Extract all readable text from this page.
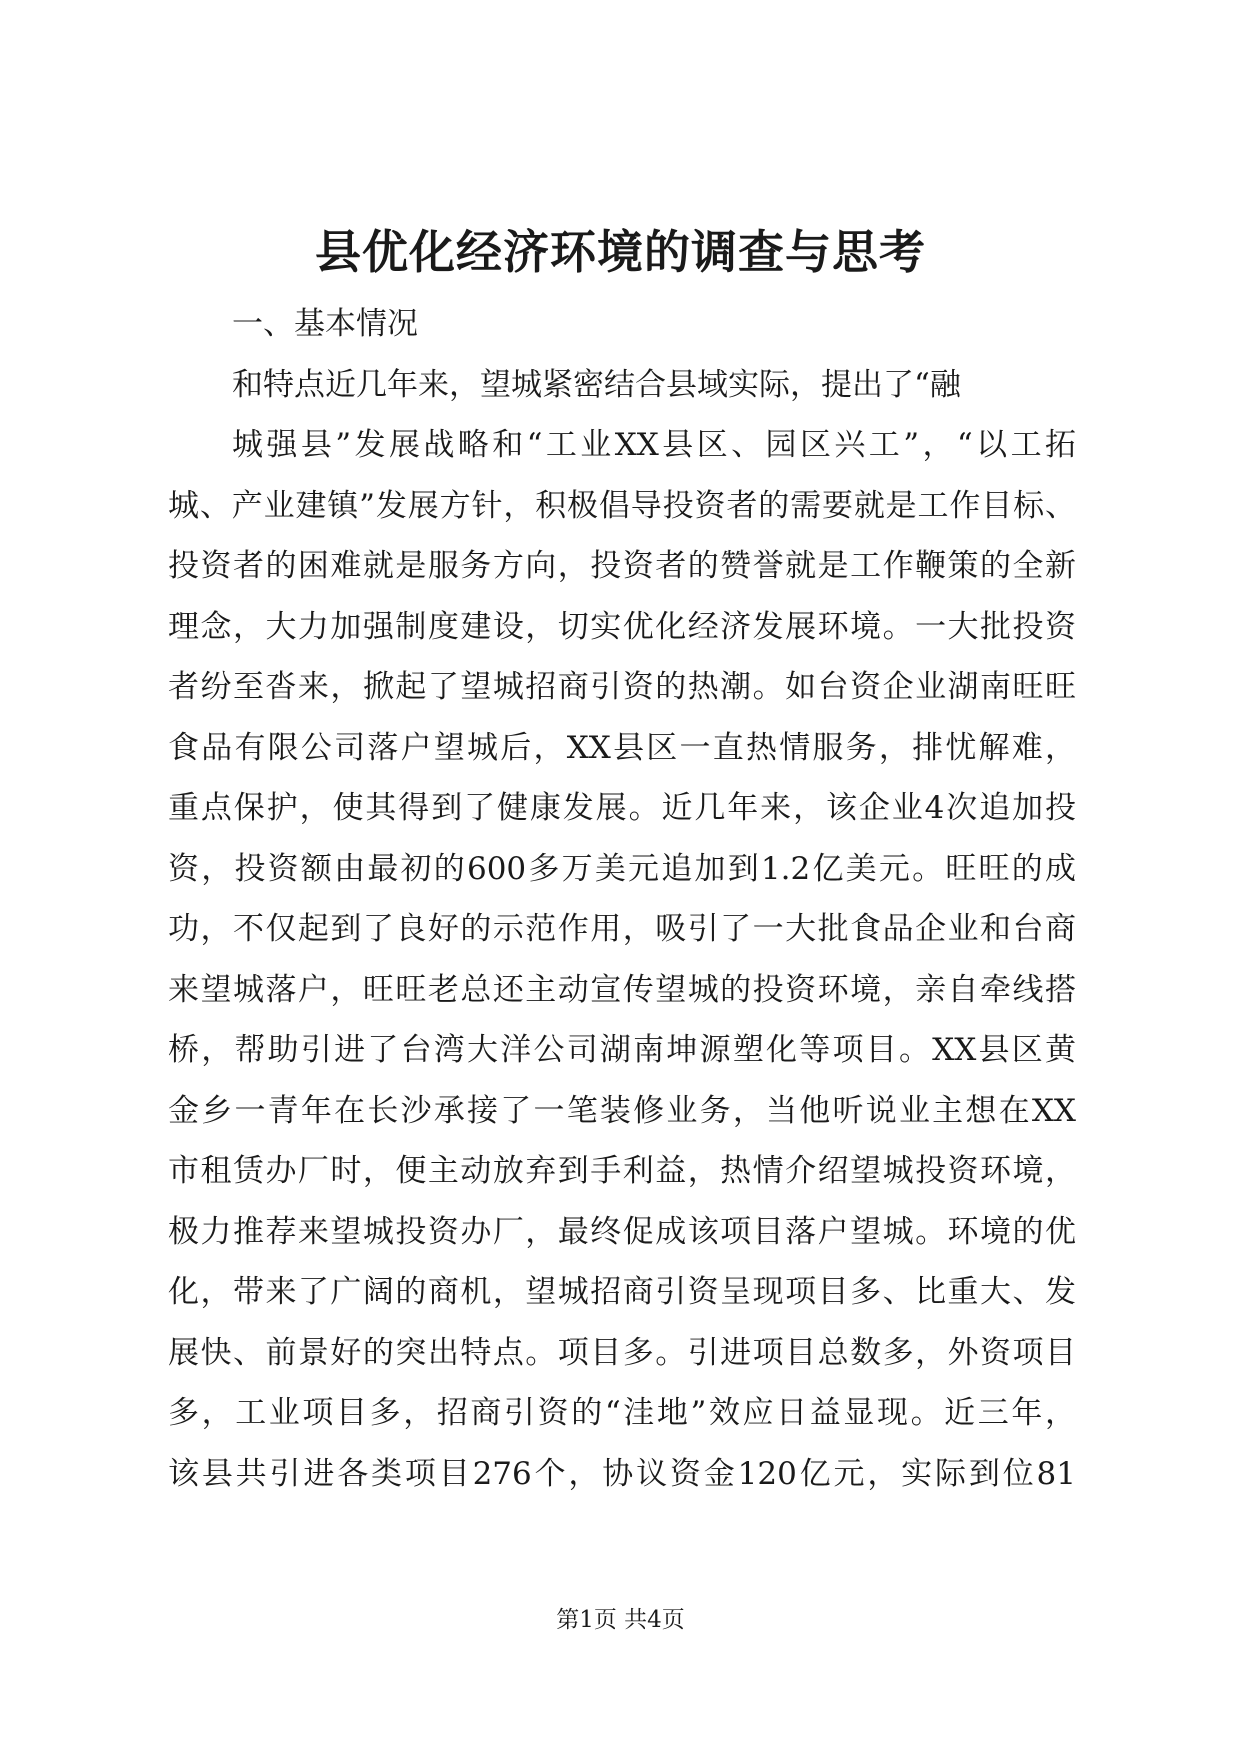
县优化经济环境的调查与思考
一、基本情况
和特点近几年来，望城紧密结合县域实际，提出了“融
城强县”发展战略和“工业XX县区、园区兴工”，“以工拓
城、产业建镇”发展方针，积极倡导投资者的需要就是工作目标、
投资者的困难就是服务方向，投资者的赞誉就是工作鞭策的全新
理念，大力加强制度建设，切实优化经济发展环境。一大批投资
者纷至沓来，掀起了望城招商引资的热潮。如台资企业湖南旺旺
食品有限公司落户望城后，XX县区一直热情服务，排忧解难，
重点保护，使其得到了健康发展。近几年来，该企业4次追加投
资，投资额由最初的600多万美元追加到1.2亿美元。旺旺的成
功，不仅起到了良好的示范作用，吸引了一大批食品企业和台商
来望城落户，旺旺老总还主动宣传望城的投资环境，亲自牵线搭
桥，帮助引进了台湾大洋公司湖南坤源塑化等项目。XX县区黄
金乡一青年在长沙承接了一笔装修业务，当他听说业主想在XX
市租赁办厂时，便主动放弃到手利益，热情介绍望城投资环境，
极力推荐来望城投资办厂，最终促成该项目落户望城。环境的优
化，带来了广阔的商机，望城招商引资呈现项目多、比重大、发
展快、前景好的突出特点。项目多。引进项目总数多，外资项目
多，工业项目多，招商引资的“洼地”效应日益显现。近三年，
该县共引进各类项目276个，协议资金120亿元，实际到位81
第1页 共4页
